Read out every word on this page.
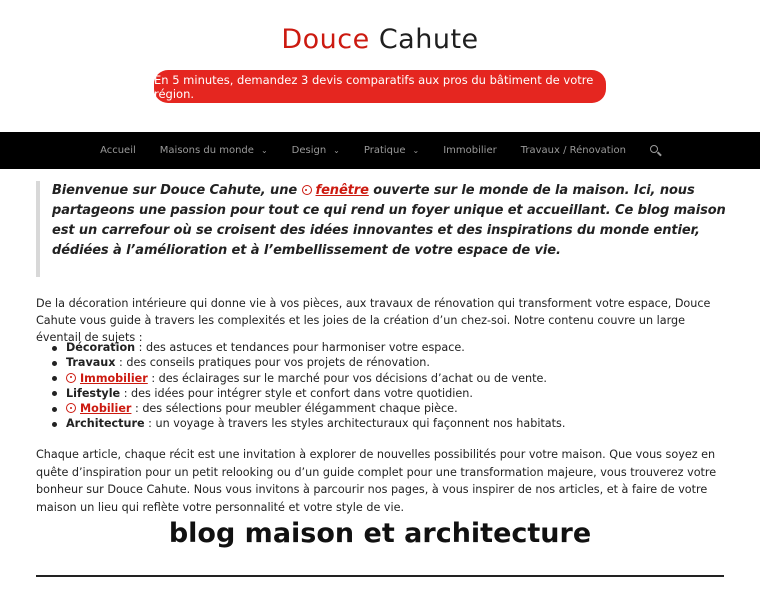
Douce Cahute
En 5 minutes, demandez 3 devis comparatifs aux pros du bâtiment de votre région.
Accueil Maisons du monde ⌄ Design ⌄ Pratique ⌄ Immobilier Travaux / Rénovation

Bienvenue sur Douce Cahute, une fenêtre ouverte sur le monde de la maison. Ici, nous partageons une passion pour tout ce qui rend un foyer unique et accueillant. Ce blog maison est un carrefour où se croisent des idées innovantes et des inspirations du monde entier, dédiées à l’amélioration et à l’embellissement de votre espace de vie.

De la décoration intérieure qui donne vie à vos pièces, aux travaux de rénovation qui transforment votre espace, Douce Cahute vous guide à travers les complexités et les joies de la création d’un chez-soi. Notre contenu couvre un large éventail de sujets :

Décoration : des astuces et tendances pour harmoniser votre espace.
Travaux : des conseils pratiques pour vos projets de rénovation.
Immobilier : des éclairages sur le marché pour vos décisions d’achat ou de vente.
Lifestyle : des idées pour intégrer style et confort dans votre quotidien.
Mobilier : des sélections pour meubler élégamment chaque pièce.
Architecture : un voyage à travers les styles architecturaux qui façonnent nos habitats.

Chaque article, chaque récit est une invitation à explorer de nouvelles possibilités pour votre maison. Que vous soyez en quête d’inspiration pour un petit relooking ou d’un guide complet pour une transformation majeure, vous trouverez votre bonheur sur Douce Cahute. Nous vous invitons à parcourir nos pages, à vous inspirer de nos articles, et à faire de votre maison un lieu qui reflète votre personnalité et votre style de vie.

blog maison et architecture
